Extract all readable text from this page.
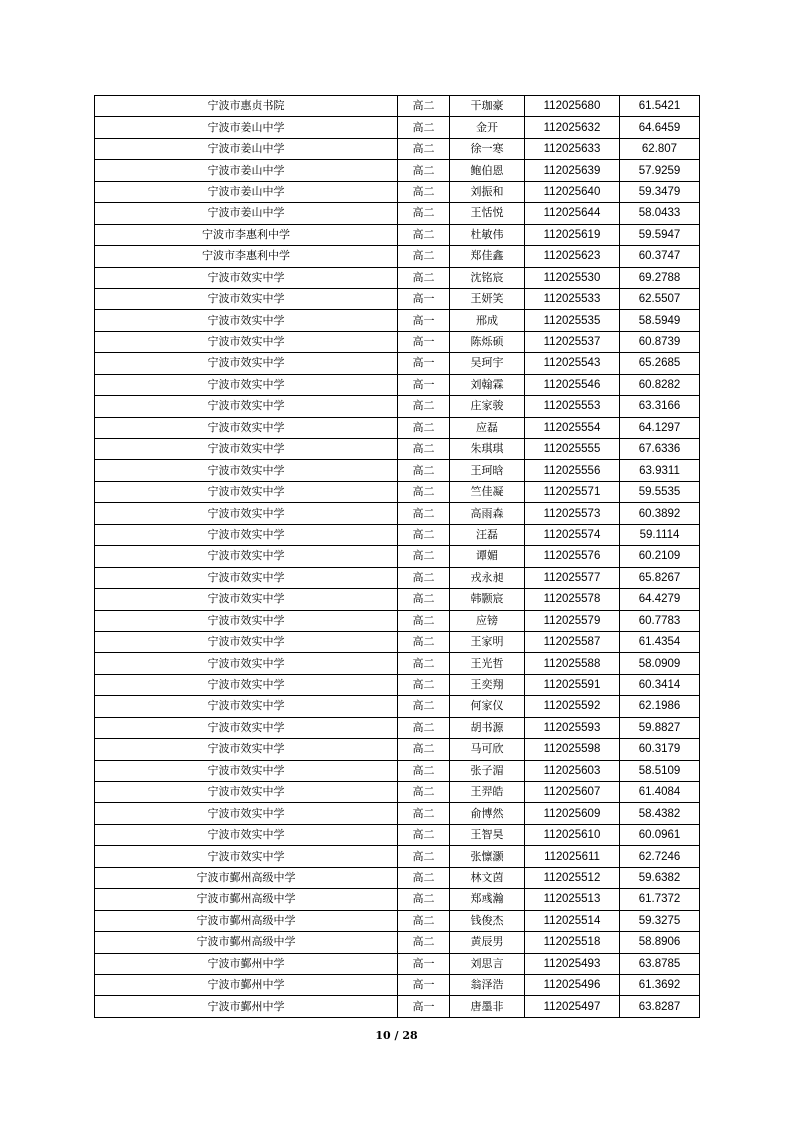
宁波市惠贞书院	高二	干珈豪	112025680	61.5421
宁波市姜山中学	高二	金开	112025632	64.6459
宁波市姜山中学	高二	徐一寒	112025633	62.807
宁波市姜山中学	高二	鲍伯恩	112025639	57.9259
宁波市姜山中学	高二	刘振和	112025640	59.3479
宁波市姜山中学	高二	王恬悦	112025644	58.0433
宁波市李惠利中学	高二	杜敏伟	112025619	59.5947
宁波市李惠利中学	高二	郑佳鑫	112025623	60.3747
宁波市效实中学	高二	沈铭宸	112025530	69.2788
宁波市效实中学	高一	王妍笑	112025533	62.5507
宁波市效实中学	高一	邢成	112025535	58.5949
宁波市效实中学	高一	陈烁硕	112025537	60.8739
宁波市效实中学	高一	吴珂宇	112025543	65.2685
宁波市效实中学	高一	刘翰霖	112025546	60.8282
宁波市效实中学	高二	庄家骏	112025553	63.3166
宁波市效实中学	高二	应磊	112025554	64.1297
宁波市效实中学	高二	朱琪琪	112025555	67.6336
宁波市效实中学	高二	王珂晗	112025556	63.9311
宁波市效实中学	高二	竺佳凝	112025571	59.5535
宁波市效实中学	高二	高雨森	112025573	60.3892
宁波市效实中学	高二	汪磊	112025574	59.1114
宁波市效实中学	高二	谭媚	112025576	60.2109
宁波市效实中学	高二	戎永昶	112025577	65.8267
宁波市效实中学	高二	韩颢宸	112025578	64.4279
宁波市效实中学	高二	应镑	112025579	60.7783
宁波市效实中学	高二	王家明	112025587	61.4354
宁波市效实中学	高二	王光哲	112025588	58.0909
宁波市效实中学	高二	王奕翔	112025591	60.3414
宁波市效实中学	高二	何家仪	112025592	62.1986
宁波市效实中学	高二	胡书源	112025593	59.8827
宁波市效实中学	高二	马可欣	112025598	60.3179
宁波市效实中学	高二	张子湄	112025603	58.5109
宁波市效实中学	高二	王羿皓	112025607	61.4084
宁波市效实中学	高二	俞博然	112025609	58.4382
宁波市效实中学	高二	王智昊	112025610	60.0961
宁波市效实中学	高二	张懔灏	112025611	62.7246
宁波市鄞州高级中学	高二	林文茵	112025512	59.6382
宁波市鄞州高级中学	高二	郑彧瀚	112025513	61.7372
宁波市鄞州高级中学	高二	钱俊杰	112025514	59.3275
宁波市鄞州高级中学	高二	黄辰男	112025518	58.8906
宁波市鄞州中学	高一	刘思言	112025493	63.8785
宁波市鄞州中学	高一	翁泽浩	112025496	61.3692
宁波市鄞州中学	高一	唐墨非	112025497	63.8287
10 / 28
